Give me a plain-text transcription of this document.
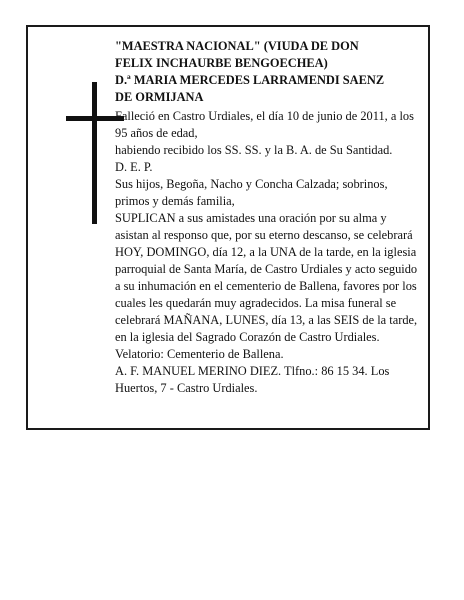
"MAESTRA NACIONAL" (VIUDA DE DON
FELIX INCHAURBE BENGOECHEA)
D.ª MARIA MERCEDES LARRAMENDI SAENZ
DE ORMIJANA

Falleció en Castro Urdiales, el día 10 de junio de 2011, a los 95 años de edad,

habiendo recibido los SS. SS. y la B. A. de Su Santidad.

D. E. P.

Sus hijos, Begoña, Nacho y Concha Calzada; sobrinos, primos y demás familia,

SUPLICAN a sus amistades una oración por su alma y asistan al responso que, por su eterno descanso, se celebrará HOY, DOMINGO, día 12, a la UNA de la tarde, en la iglesia parroquial de Santa María, de Castro Urdiales y acto seguido a su inhumación en el cementerio de Ballena, favores por los cuales les quedarán muy agradecidos. La misa funeral se celebrará MAÑANA, LUNES, día 13, a las SEIS de la tarde, en la iglesia del Sagrado Corazón de Castro Urdiales.

Velatorio: Cementerio de Ballena.

A. F. MANUEL MERINO DIEZ. Tlfno.: 86 15 34. Los Huertos, 7 - Castro Urdiales.
